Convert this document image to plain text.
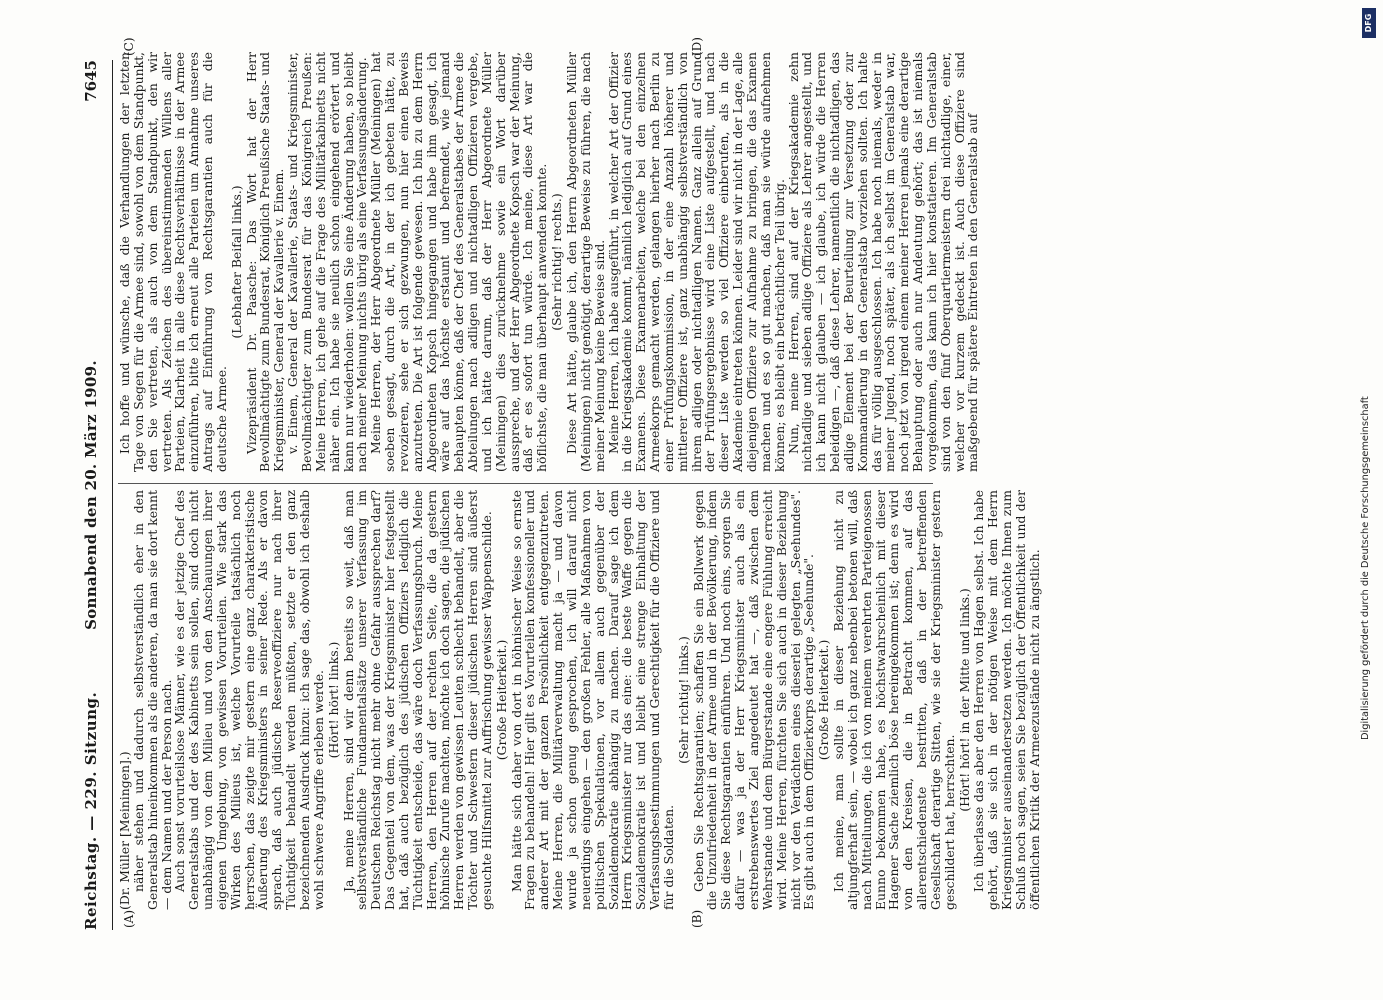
Reichstag. — 229. Sitzung.
Sonnabend den 20. März 1909.
7645
(A)	(B)
(C)	(D)

(Dr. Müller [Meiningen].)

näher stehen und dadurch selbstverständlich eher in den Generalstab hineinkommen als die anderen, da man sie dort kennt — dem Namen und der Person nach.

Auch sonst vorurteilslose Männer, wie es der jetzige Chef des Generalstabs und der des Kabinetts sein sollen, sind doch nicht unabhängig von dem Milieu und von den Anschauungen ihrer eigenen Umgebung, von gewissen Vorurteilen. Wie stark das Wirken des Milieus ist, welche Vorurteile tatsächlich noch herrschen, das zeigte mir gestern eine ganz charakteristische Äußerung des Kriegsministers in seiner Rede. Als er davon sprach, daß auch jüdische Reserveoffiziere nur nach ihrer Tüchtigkeit behandelt werden müßten, setzte er den ganz bezeichnenden Ausdruck hinzu: ich sage das, obwohl ich deshalb wohl schwere Angriffe erleben werde. (Hört! hört! links.) Ja, meine Herren, sind wir denn bereits so weit, daß man selbstverständliche Fundamentalsätze unserer Verfassung im Deutschen Reichstag nicht mehr ohne Gefahr aussprechen darf? Das Gegenteil von dem, was der Kriegsminister hier festgestellt hat, daß auch bezüglich des jüdischen Offiziers lediglich die Tüchtigkeit entscheide, das wäre doch Verfassungsbruch. Meine Herren, den Herren auf der rechten Seite, die da gestern höhnische Zurufe machten, möchte ich doch sagen, die jüdischen Herren werden von gewissen Leuten schlecht behandelt, aber die Töchter und Schwestern dieser jüdischen Herren sind äußerst gesuchte Hilfsmittel zur Auffrischung gewisser Wappenschilde. (Große Heiterkeit.) Man hätte sich daher von dort in höhnischer Weise so ernste Fragen zu behandeln! Hier gilt es Vorurteilen konfessioneller und anderer Art mit der ganzen Persönlichkeit entgegenzutreten. Meine Herren, die Militärverwaltung macht ja — und davon wurde ja schon genug gesprochen, ich will darauf nicht neuerdings eingehen — den großen Fehler, alle Maßnahmen von politischen Spekulationen, vor allem auch gegenüber der Sozialdemokratie abhängig zu machen. Darauf sage ich dem Herrn Kriegsminister nur das eine: die beste Waffe gegen die Sozialdemokratie ist und bleibt eine strenge Einhaltung der Verfassungsbestimmungen und Gerechtigkeit für die Offiziere und für die Soldaten.

(Sehr richtig! links.) Geben Sie Rechtsgarantien; schaffen Sie ein Bollwerk gegen die Unzufriedenheit in der Armee und in der Bevölkerung, indem Sie diese Rechtsgarantien einführen. Und noch eins, sorgen Sie dafür — was ja der Herr Kriegsminister auch als ein erstrebenswertes Ziel angedeutet hat —, daß zwischen dem Wehrstande und dem Bürgerstande eine engere Fühlung erreicht wird. Meine Herren, fürchten Sie sich auch in dieser Beziehung nicht vor den Verdächten eines dieserlei gelegten „Seehundes". Es gibt auch in dem Offizierkorps derartige „Seehunde". (Große Heiterkeit.) Ich meine, man sollte in dieser Beziehung nicht zu altjungferhaft sein, — wobei ich ganz nebenbei betonen will, daß nach Mitteilungen, die ich von meinem verehrten Parteigenossen Eunno bekommen habe, es höchstwahrscheinlich mit dieser Hagener Sache ziemlich böse hereingekommen ist; denn es wird von den Kreisen, die in Betracht kommen, auf das allerentschiedenste bestritten, daß in der betreffenden Gesellschaft derartige Sitten, wie sie der Kriegsminister gestern geschildert hat, herrschten.

(Hört! hört! in der Mitte und links.) Ich überlasse das aber den Herren von Hagen selbst. Ich habe gehört, daß sie sich in der nötigen Weise mit dem Herrn Kriegsminister auseinandersetzen werden. Ich möchte Ihnen zum Schluß noch sagen, seien Sie bezüglich der Öffentlichkeit und der öffentlichen Kritik der Armeezustände nicht zu ängstlich.

Ich hoffe und wünsche, daß die Verhandlungen der letzten Tage von Segen für die Armee sind, sowohl von dem Standpunkt, den Sie vertreten, als auch von dem Standpunkt, den wir vertreten. Als Zeichen des übereinstimmenden Willens aller Parteien, Klarheit in alle diese Rechtsverhältnisse in der Armee einzuführen, bitte ich erneut alle Parteien um Annahme unseres Antrags auf Einführung von Rechtsgarantien auch für die deutsche Armee.

(Lebhafter Beifall links.) Vizepräsident Dr. Paasche: Das Wort hat der Herr Bevollmächtigte zum Bundesrat, Königlich Preußische Staats- und Kriegsminister, General der Kavallerie v. Einem.

v. Einem, General der Kavallerie, Staats- und Kriegsminister, Bevollmächtigter zum Bundesrat für das Königreich Preußen: Meine Herren, ich gehe auf die Frage des Militärkabinetts nicht näher ein. Ich habe sie neulich schon eingehend erörtert und kann nur wiederholen: wollen Sie eine Änderung haben, so bleibt nach meiner Meinung nichts übrig als eine Verfassungsänderung.

Meine Herren, der Herr Abgeordnete Müller (Meiningen) hat soeben gesagt, durch die Art, in der ich gebeten hätte, zu revozieren, sehe er sich gezwungen, nun hier einen Beweis anzutreten. Die Art ist folgende gewesen. Ich bin zu dem Herrn Abgeordneten Kopsch hingegangen und habe ihm gesagt, ich wäre auf das höchste erstaunt und befremdet, wie jemand behaupten könne, daß der Chef des Generalstabes der Armee die Abteilungen nach adligen und nichtadligen Offizieren vergebe, und ich hätte darum, daß der Herr Abgeordnete Müller (Meiningen) dies zurücknehme sowie ein Wort darüber ausspreche, und der Herr Abgeordnete Kopsch war der Meinung, daß er es sofort tun würde. Ich meine, diese Art war die höflichste, die man überhaupt anwenden konnte. (Sehr richtig! rechts.) Diese Art hätte, glaube ich, den Herrn Abgeordneten Müller (Meiningen) nicht genötigt, derartige Beweise zu führen, die nach meiner Meinung keine Beweise sind.

Meine Herren, ich habe ausgeführt, in welcher Art der Offizier in die Kriegsakademie kommt, nämlich lediglich auf Grund eines Examens. Diese Examenarbeiten, welche bei den einzelnen Armeekorps gemacht werden, gelangen hierher nach Berlin zu einer Prüfungskommission, in der eine Anzahl höherer und mittlerer Offiziere ist, ganz unabhängig selbstverständlich von ihrem adligen oder nichtadligen Namen. Ganz allein auf Grund der Prüfungsergebnisse wird eine Liste aufgestellt, und nach dieser Liste werden so viel Offiziere einberufen, als in die Akademie eintreten können. Leider sind wir nicht in der Lage, alle diejenigen Offiziere zur Aufnahme zu bringen, die das Examen machen und es so gut machen, daß man sie würde aufnehmen können; es bleibt ein beträchtlicher Teil übrig.

Nun, meine Herren, sind auf der Kriegsakademie zehn nichtadlige und sieben adlige Offiziere als Lehrer angestellt, und ich kann nicht glauben — ich glaube, ich würde die Herren beleidigen —, daß diese Lehrer, namentlich die nichtadligen, das adlige Element bei der Beurteilung zur Versetzung oder zur Kommandierung in den Generalstab vorziehen sollten. Ich halte das für völlig ausgeschlossen. Ich habe noch niemals, weder in meiner Jugend, noch später, als ich selbst im Generalstab war, noch jetzt von irgend einem meiner Herren jemals eine derartige Behauptung oder auch nur Andeutung gehört; das ist niemals vorgekommen, das kann ich hier konstatieren. Im Generalstab sind von den fünf Oberquartiermeistern drei nichtadlige, einer, welcher vor kurzem gedeckt ist. Auch diese Offiziere sind maßgebend für spätere Eintreten in den Generalstab auf

DFG
Digitalisierung gefördert durch die Deutsche Forschungsgemeinschaft
